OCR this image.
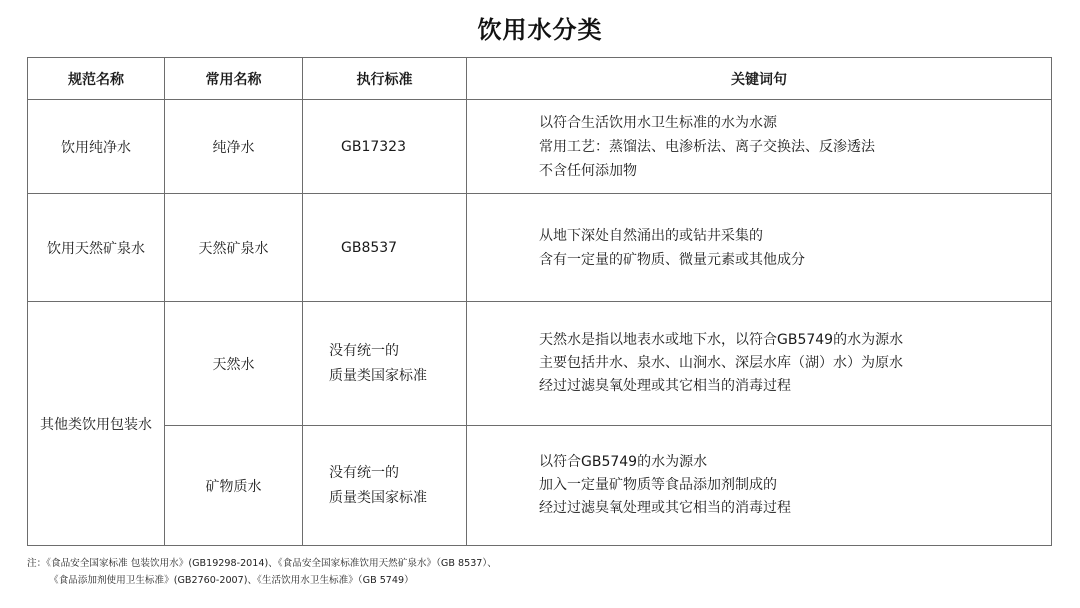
饮用水分类
规范名称	常用名称	执行标准	关键词句
饮用纯净水	纯净水	GB17323	以符合生活饮用水卫生标准的水为水源
常用工艺：蒸馏法、电渗析法、离子交换法、反渗透法
不含任何添加物

饮用天然矿泉水	天然矿泉水	GB8537	从地下深处自然涌出的或钻井采集的
含有一定量的矿物质、微量元素或其他成分

其他类饮用包装水	天然水	没有统一的
质量类国家标准	天然水是指以地表水或地下水，以符合GB5749的水为源水
主要包括井水、泉水、山涧水、深层水库（湖）水）为原水
经过过滤臭氧处理或其它相当的消毒过程

	矿物质水	没有统一的
质量类国家标准	以符合GB5749的水为源水
加入一定量矿物质等食品添加剂制成的
经过过滤臭氧处理或其它相当的消毒过程
注：《食品安全国家标准 包装饮用水》(GB19298-2014)、《食品安全国家标准饮用天然矿泉水》（GB 8537）、
《食品添加剂使用卫生标准》(GB2760-2007)、《生活饮用水卫生标准》（GB 5749）
